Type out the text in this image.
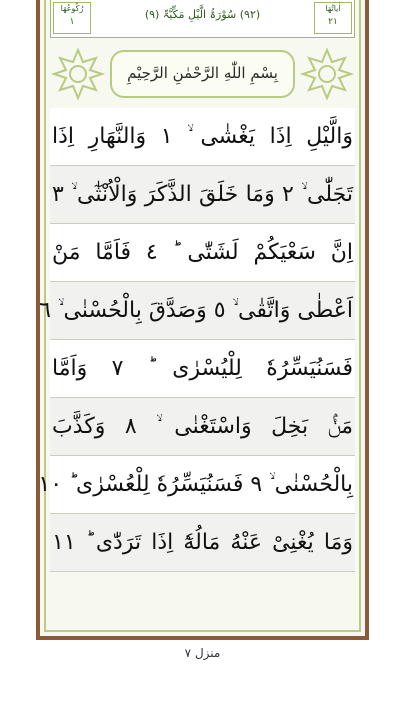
اٰیاتُھَا
٢١
(٩٢) سُوْرَۃُ الَّیْلِ مَکِّیَّۃٌ (٩)
رُکُوعُھَا
١
بِسْمِ اللّٰهِ الرَّحْمٰنِ الرَّحِيْمِ
وَالَّيْلِ اِذَا يَغْشٰى ۙ ١ وَالنَّهَارِ اِذَا
تَجَلّٰى ۙ ٢ وَمَا خَلَقَ الذَّكَرَ وَالْاُنْثٰٓى ۙ ٣
اِنَّ سَعْيَكُمْ لَشَتّٰى ؕ ٤ فَاَمَّا مَنْ
اَعْطٰى وَاتَّقٰى ۙ ٥ وَصَدَّقَ بِالْحُسْنٰى ۙ ٦
فَسَنُيَسِّرُهٗ لِلْيُسْرٰى ؕ ٧ وَاَمَّا
مَنْۢ بَخِلَ وَاسْتَغْنٰى ۙ ٨ وَكَذَّبَ
بِالْحُسْنٰى ۙ ٩ فَسَنُيَسِّرُهٗ لِلْعُسْرٰى ؕ ١٠
وَمَا يُغْنِىْ عَنْهُ مَالُهٗٓ اِذَا تَرَدّٰى ؕ ١١
منزل ٧
